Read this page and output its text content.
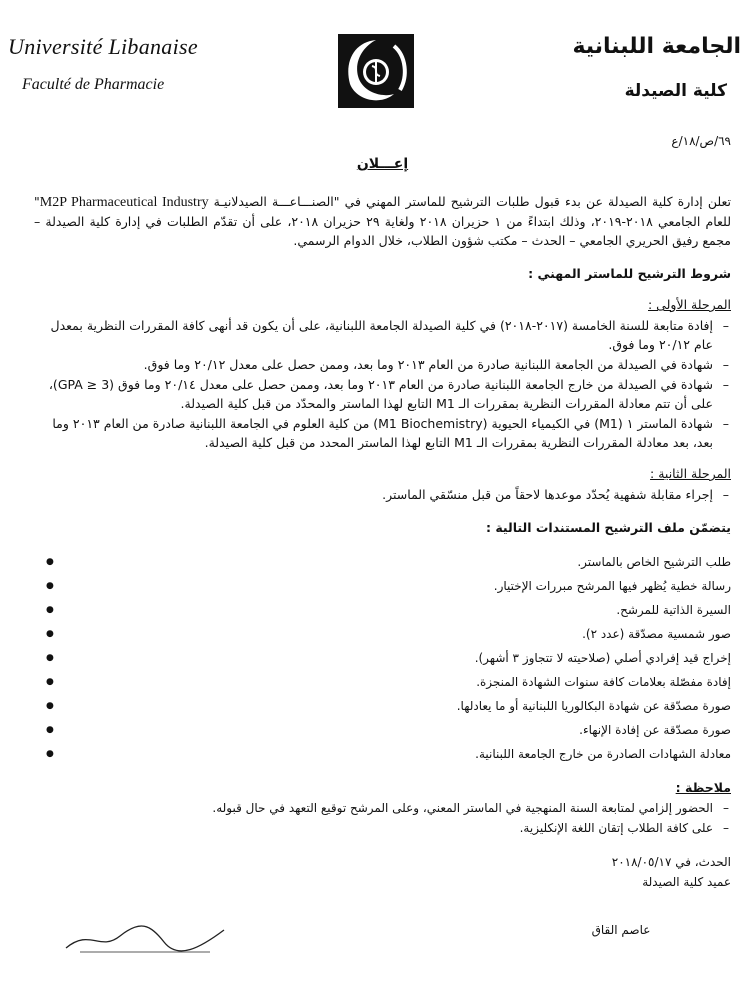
Université Libanaise
Faculté de Pharmacie
الجامعة اللبنانية
كلية الصيدلة
٦٩/ص/١٨/ع
إعـــلان
تعلن إدارة كلية الصيدلة عن بدء قبول طلبات الترشيح للماستر المهني في "الصنـــاعـــة الصيدلانيـة M2P Pharmaceutical Industry" للعام الجامعي ٢٠١٨-٢٠١٩، وذلك ابتداءً من ١ حزيران ٢٠١٨ ولغاية ٢٩ حزيران ٢٠١٨، على أن تقدّم الطلبات في إدارة كلية الصيدلة – مجمع رفيق الحريري الجامعي – الحدث – مكتب شؤون الطلاب، خلال الدوام الرسمي.
شروط الترشيح للماستر المهني :
المرحلة الأولى :
– إفادة متابعة للسنة الخامسة (٢٠١٧-٢٠١٨) في كلية الصيدلة الجامعة اللبنانية، على أن يكون قد أنهى كافة المقررات النظرية بمعدل عام ٢٠/١٢ وما فوق.
– شهادة في الصيدلة من الجامعة اللبنانية صادرة من العام ٢٠١٣ وما بعد، وممن حصل على معدل ٢٠/١٢ وما فوق.
– شهادة في الصيدلة من خارج الجامعة اللبنانية صادرة من العام ٢٠١٣ وما بعد، وممن حصل على معدل ٢٠/١٤ وما فوق (GPA ≥ 3)، على أن تتم معادلة المقررات النظرية بمقررات الـ M1 التابع لهذا الماستر والمحدّد من قبل كلية الصيدلة.
– شهادة الماستر ١ (M1) في الكيمياء الحيوية (M1 Biochemistry) من كلية العلوم في الجامعة اللبنانية صادرة من العام ٢٠١٣ وما بعد، بعد معادلة المقررات النظرية بمقررات الـ M1 التابع لهذا الماستر المحدد من قبل كلية الصيدلة.
المرحلة الثانية :
– إجراء مقابلة شفهية يُحدّد موعدها لاحقاً من قبل منسّقي الماستر.
يتضمّن ملف الترشيح المستندات التالية :
طلب الترشيح الخاص بالماستر. ●
رسالة خطية يُظهر فيها المرشح مبررات الإختيار. ●
السيرة الذاتية للمرشح. ●
صور شمسية مصدّقة (عدد ٢). ●
إخراج قيد إفرادي أصلي (صلاحيته لا تتجاوز ٣ أشهر). ●
إفادة مفصّلة بعلامات كافة سنوات الشهادة المنجزة. ●
صورة مصدّقة عن شهادة البكالوريا اللبنانية أو ما يعادلها. ●
صورة مصدّقة عن إفادة الإنهاء. ●
معادلة الشهادات الصادرة من خارج الجامعة اللبنانية. ●
ملاحظة :
– الحضور إلزامي لمتابعة السنة المنهجية في الماستر المعني، وعلى المرشح توقيع التعهد في حال قبوله.
– على كافة الطلاب إتقان اللغة الإنكليزية.
الحدث، في ٢٠١٨/٠٥/١٧
عميد كلية الصيدلة
عاصم القاق
